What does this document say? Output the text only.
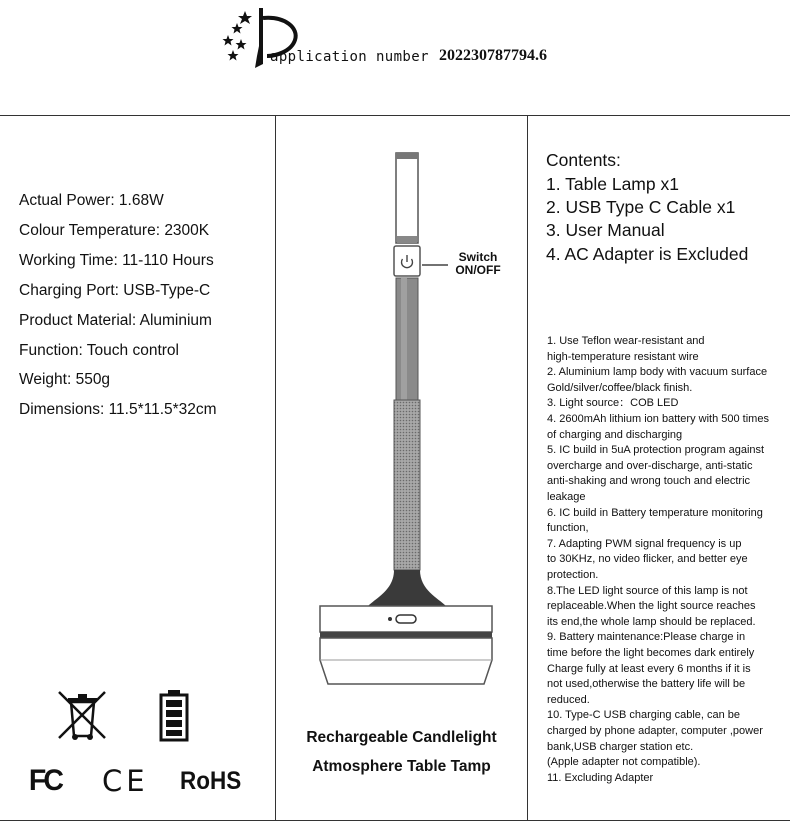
application number 202230787794.6
Actual Power: 1.68W
Colour Temperature: 2300K
Working Time: 11-110 Hours
Charging Port: USB-Type-C
Product Material: Aluminium
Function: Touch control
Weight: 550g
Dimensions: 11.5*11.5*32cm
FC CE RoHS
Switch
ON/OFF
Rechargeable Candlelight
Atmosphere Table Tamp
Contents:
1. Table Lamp x1
2. USB Type C Cable x1
3. User Manual
4. AC Adapter is Excluded
1. Use Teflon wear-resistant and
high-temperature resistant wire
2. Aluminium lamp body with vacuum surface
Gold/silver/coffee/black finish.
3. Light source：COB LED
4. 2600mAh lithium ion battery with 500 times
of charging and discharging
5. IC build in 5uA protection program against
overcharge and over-discharge, anti-static
anti-shaking and wrong touch and electric
leakage
6. IC build in Battery temperature monitoring
function,
7. Adapting PWM signal frequency is up
to 30KHz, no video flicker, and better eye
protection.
8.The LED light source of this lamp is not
replaceable.When the light source reaches
its end,the whole lamp should be replaced.
9. Battery maintenance:Please charge in
time before the light becomes dark entirely
Charge fully at least every 6 months if it is
not used,otherwise the battery life will be
reduced.
10. Type-C USB charging cable, can be
charged by phone adapter, computer ,power
bank,USB charger station etc.
(Apple adapter not compatible).
11. Excluding Adapter
